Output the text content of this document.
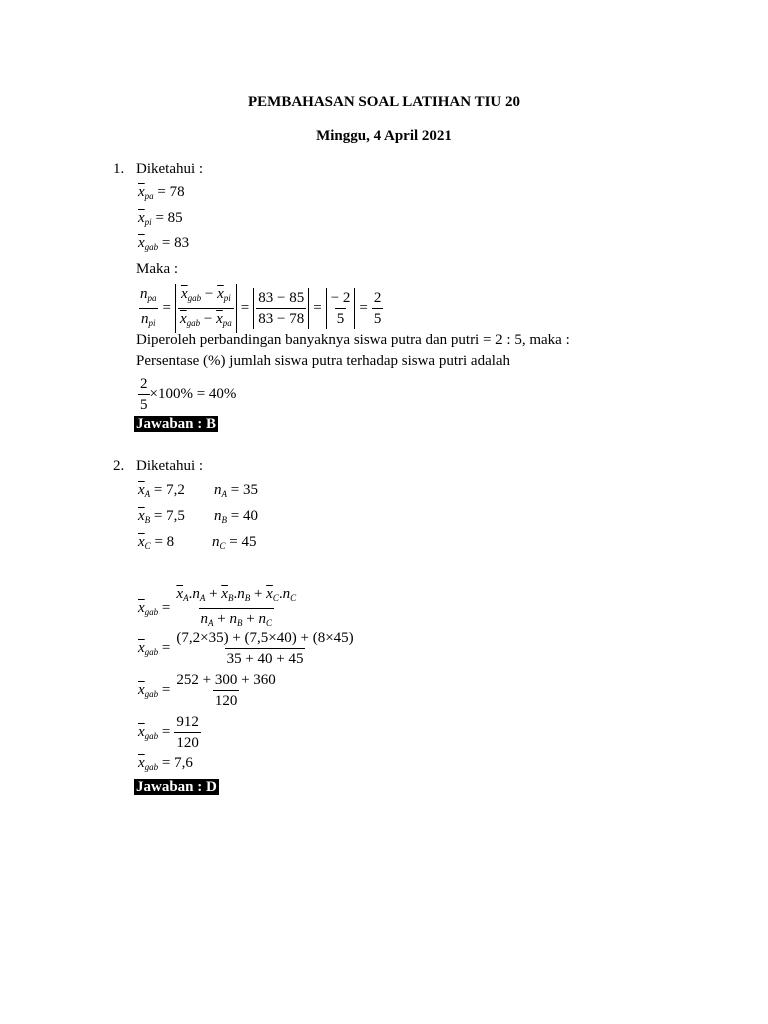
PEMBAHASAN SOAL LATIHAN TIU 20
Minggu, 4 April 2021
1. Diketahui :
$\overline{x}_{pa} = 78$
$\overline{x}_{pi} = 85$
$\overline{x}_{gab} = 83$
Maka :
$\frac{n_{pa}}{n_{pi}} = \frac{\overline{x}_{gab} - \overline{x}_{pi}}{\overline{x}_{gab} - \overline{x}_{pa}} = \frac{83 - 85}{83 - 78} = \frac{- 2}{5} = \frac{2}{5}$
Diperoleh perbandingan banyaknya siswa putra dan putri = 2 : 5, maka :
Persentase (%) jumlah siswa putra terhadap siswa putri adalah
$\frac{2}{5} \times 100\% = 40\%$
Jawaban : B
2. Diketahui :
$\overline{x}_A = 7,2$ $n_A = 35$
$\overline{x}_B = 7,5$ $n_B = 40$
$\overline{x}_C = 8$	$n_C = 45$
$\overline{x}_{gab} = \frac{\overline{x}_A.n_A + \overline{x}_B.n_B + \overline{x}_C.n_C}{n_A + n_B + n_C}$
$\overline{x}_{gab} = \frac{(7,2\times 35) + (7,5\times 40) + (8\times 45)}{35 + 40 + 45}$
$\overline{x}_{gab} = \frac{252 + 300 + 360}{120}$
$\overline{x}_{gab} = \frac{912}{120}$
$\overline{x}_{gab} = 7,6$
Jawaban : D
